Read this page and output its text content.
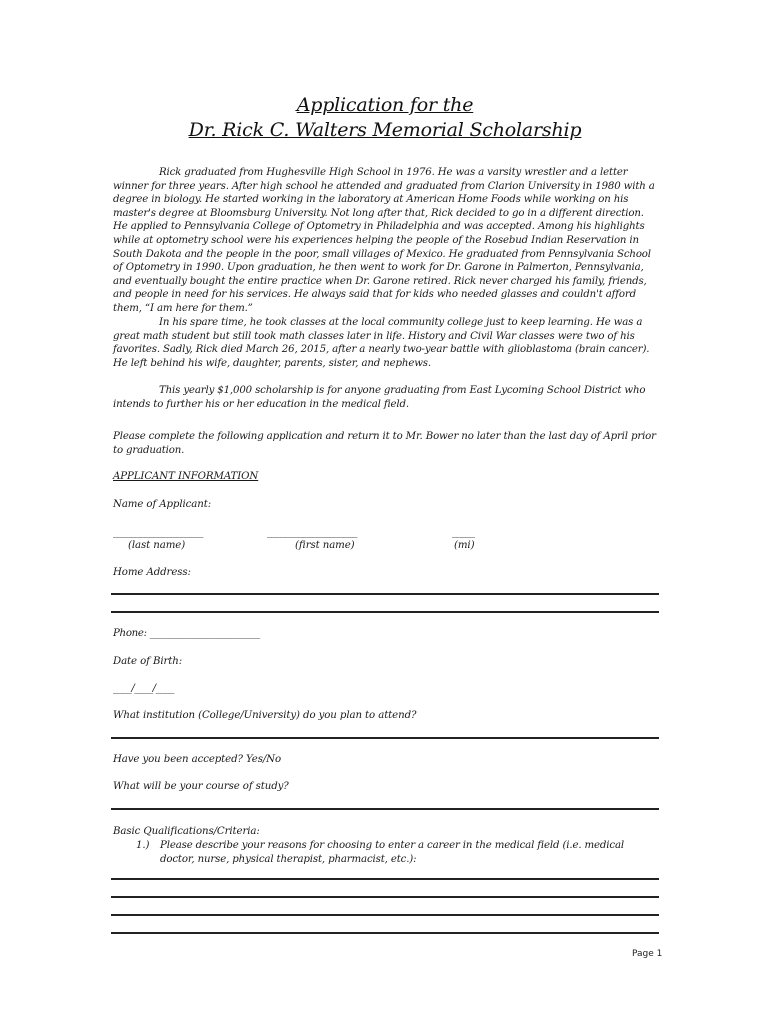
Application for the
Dr. Rick C. Walters Memorial Scholarship
Rick graduated from Hughesville High School in 1976. He was a varsity wrestler and a letter winner for three years. After high school he attended and graduated from Clarion University in 1980 with a degree in biology. He started working in the laboratory at American Home Foods while working on his master's degree at Bloomsburg University. Not long after that, Rick decided to go in a different direction. He applied to Pennsylvania College of Optometry in Philadelphia and was accepted. Among his highlights while at optometry school were his experiences helping the people of the Rosebud Indian Reservation in South Dakota and the people in the poor, small villages of Mexico. He graduated from Pennsylvania School of Optometry in 1990. Upon graduation, he then went to work for Dr. Garone in Palmerton, Pennsylvania, and eventually bought the entire practice when Dr. Garone retired. Rick never charged his family, friends, and people in need for his services. He always said that for kids who needed glasses and couldn't afford them, “I am here for them.”
In his spare time, he took classes at the local community college just to keep learning. He was a great math student but still took math classes later in life. History and Civil War classes were two of his favorites. Sadly, Rick died March 26, 2015, after a nearly two-year battle with glioblastoma (brain cancer). He left behind his wife, daughter, parents, sister, and nephews.
This yearly $1,000 scholarship is for anyone graduating from East Lycoming School District who intends to further his or her education in the medical field.
Please complete the following application and return it to Mr. Bower no later than the last day of April prior to graduation.
APPLICANT INFORMATION
Name of Applicant:
____________________	____________________	_____
(last name)	(first name)	(mi)
Home Address:
Phone: _______________________
Date of Birth:
____/____/____
What institution (College/University) do you plan to attend?
Have you been accepted? Yes/No
What will be your course of study?
Basic Qualifications/Criteria:
1.) Please describe your reasons for choosing to enter a career in the medical field (i.e. medical doctor, nurse, physical therapist, pharmacist, etc.):
Page 1
